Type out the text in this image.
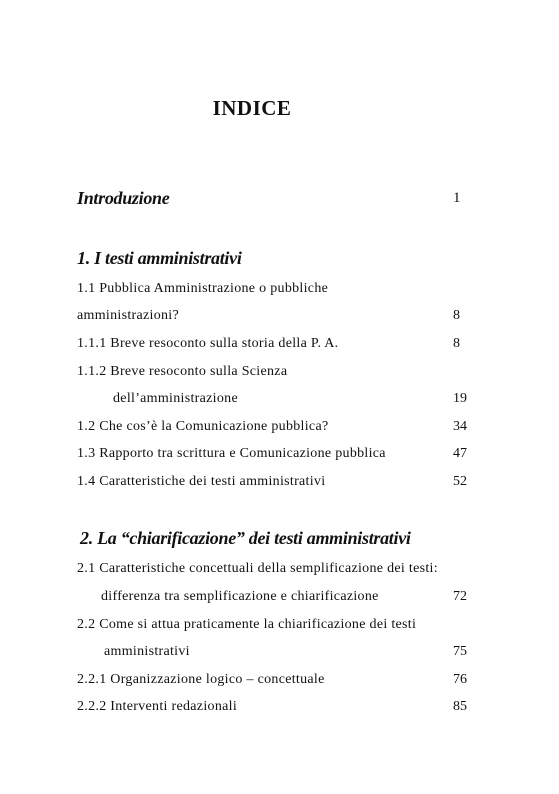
INDICE
Introduzione	1
1. I testi amministrativi
1.1 Pubblica Amministrazione o pubbliche
amministrazioni?	8
1.1.1 Breve resoconto sulla storia della P. A.	8
1.1.2 Breve resoconto sulla Scienza
dell’amministrazione	19
1.2 Che cos’è la Comunicazione pubblica?	34
1.3 Rapporto tra scrittura e Comunicazione pubblica	47
1.4 Caratteristiche dei testi amministrativi	52
2. La “chiarificazione” dei testi amministrativi
2.1 Caratteristiche concettuali della semplificazione dei testi:
differenza tra semplificazione e chiarificazione	72
2.2 Come si attua praticamente la chiarificazione dei testi
amministrativi	75
2.2.1 Organizzazione logico – concettuale	76
2.2.2 Interventi redazionali	85
